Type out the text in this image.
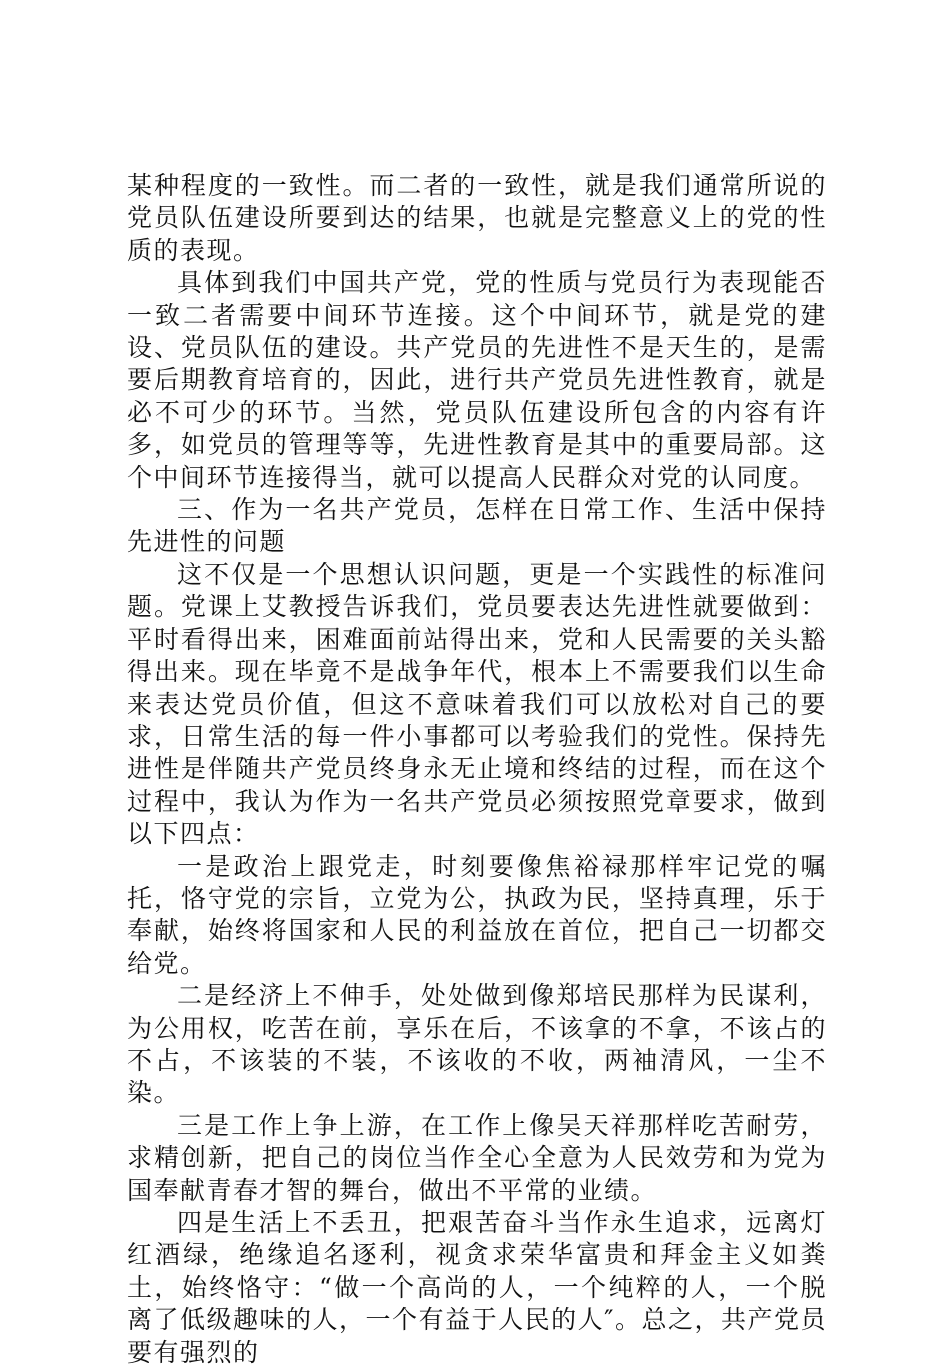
某种程度的一致性。而二者的一致性，就是我们通常所说的党员队伍建设所要到达的结果，也就是完整意义上的党的性质的表现。

具体到我们中国共产党，党的性质与党员行为表现能否一致二者需要中间环节连接。这个中间环节，就是党的建设、党员队伍的建设。共产党员的先进性不是天生的，是需要后期教育培育的，因此，进行共产党员先进性教育，就是必不可少的环节。当然，党员队伍建设所包含的内容有许多，如党员的管理等等，先进性教育是其中的重要局部。这个中间环节连接得当，就可以提高人民群众对党的认同度。

三、作为一名共产党员，怎样在日常工作、生活中保持先进性的问题

这不仅是一个思想认识问题，更是一个实践性的标准问题。党课上艾教授告诉我们，党员要表达先进性就要做到：平时看得出来，困难面前站得出来，党和人民需要的关头豁得出来。现在毕竟不是战争年代，根本上不需要我们以生命来表达党员价值，但这不意味着我们可以放松对自己的要求，日常生活的每一件小事都可以考验我们的党性。保持先进性是伴随共产党员终身永无止境和终结的过程，而在这个过程中，我认为作为一名共产党员必须按照党章要求，做到以下四点：

一是政治上跟党走，时刻要像焦裕禄那样牢记党的嘱托，恪守党的宗旨，立党为公，执政为民，坚持真理，乐于奉献，始终将国家和人民的利益放在首位，把自己一切都交给党。

二是经济上不伸手，处处做到像郑培民那样为民谋利，为公用权，吃苦在前，享乐在后，不该拿的不拿，不该占的不占，不该装的不装，不该收的不收，两袖清风，一尘不染。

三是工作上争上游，在工作上像吴天祥那样吃苦耐劳，求精创新，把自己的岗位当作全心全意为人民效劳和为党为国奉献青春才智的舞台，做出不平常的业绩。

四是生活上不丢丑，把艰苦奋斗当作永生追求，远离灯红酒绿，绝缘追名逐利，视贪求荣华富贵和拜金主义如粪土，始终恪守：“做一个高尚的人，一个纯粹的人，一个脱离了低级趣味的人，一个有益于人民的人″。总之，共产党员要有强烈的
